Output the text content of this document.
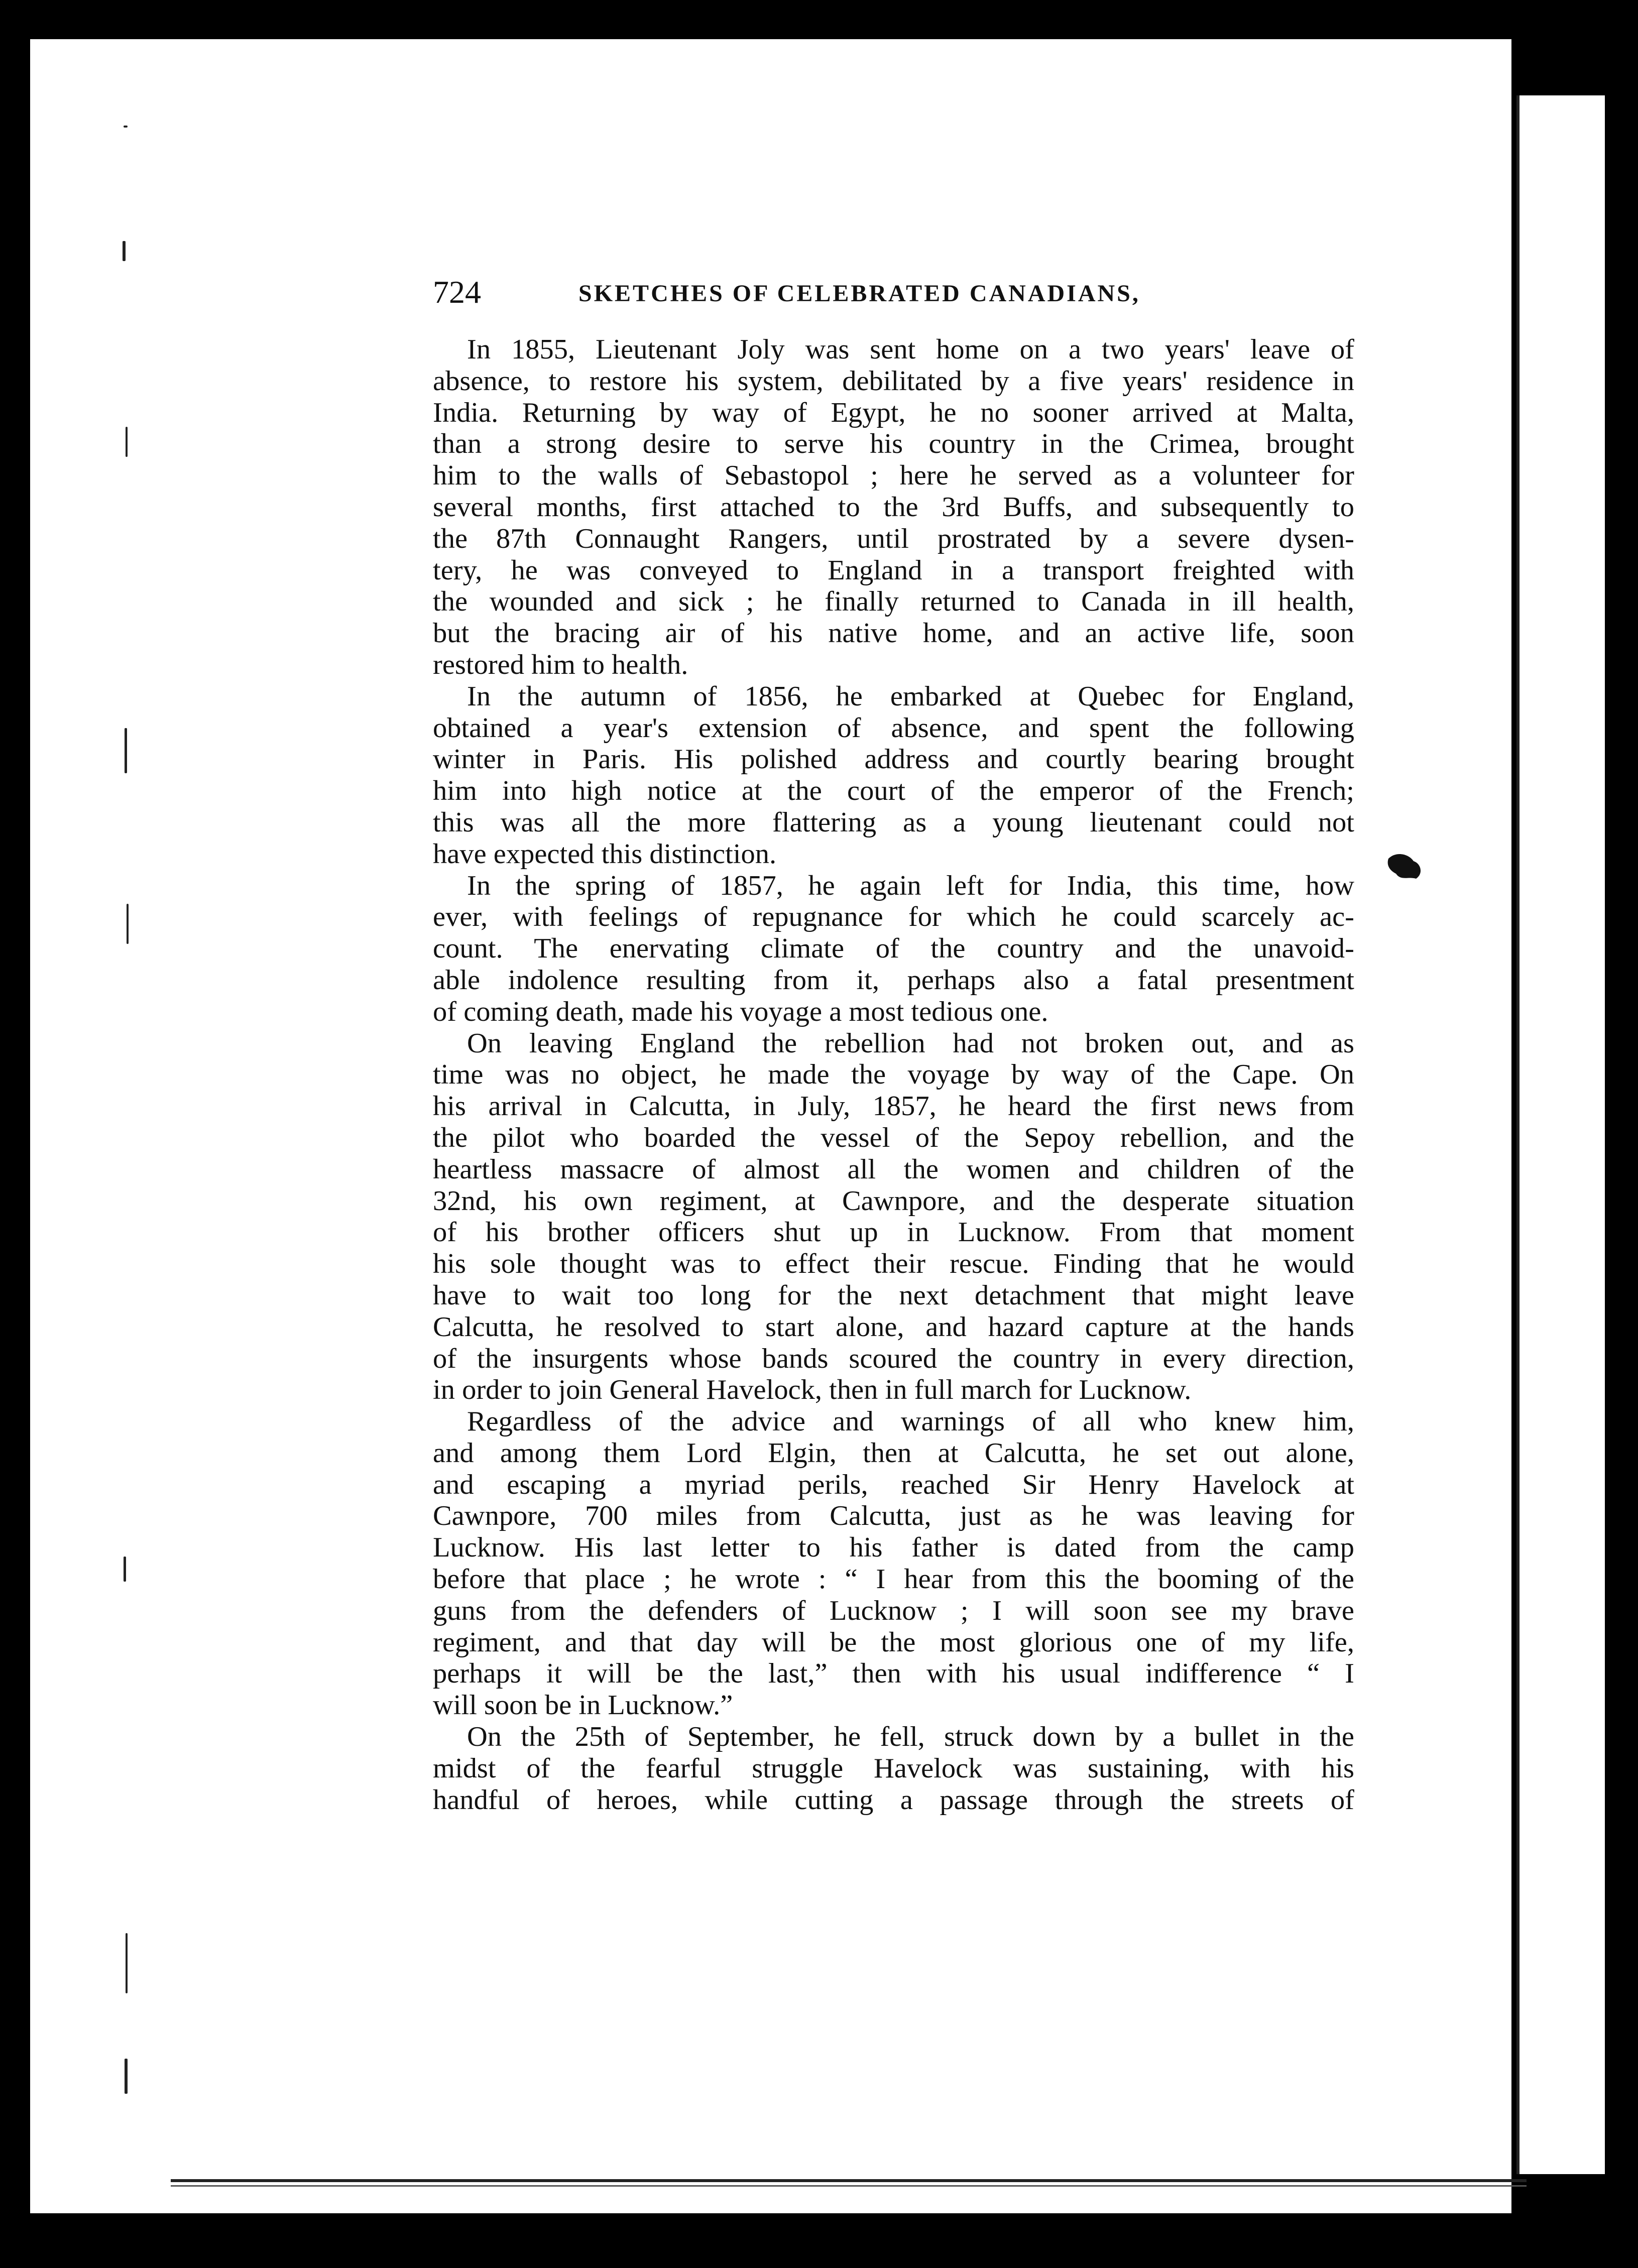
724	SKETCHES OF CELEBRATED CANADIANS,
In 1855, Lieutenant Joly was sent home on a two years' leave of
absence, to restore his system, debilitated by a five years' residence in
India. Returning by way of Egypt, he no sooner arrived at Malta,
than a strong desire to serve his country in the Crimea, brought
him to the walls of Sebastopol ; here he served as a volunteer for
several months, first attached to the 3rd Buffs, and subsequently to
the 87th Connaught Rangers, until prostrated by a severe dysen-
tery, he was conveyed to England in a transport freighted with
the wounded and sick ; he finally returned to Canada in ill health,
but the bracing air of his native home, and an active life, soon
restored him to health.
In the autumn of 1856, he embarked at Quebec for England,
obtained a year's extension of absence, and spent the following
winter in Paris. His polished address and courtly bearing brought
him into high notice at the court of the emperor of the French;
this was all the more flattering as a young lieutenant could not
have expected this distinction.
In the spring of 1857, he again left for India, this time, how
ever, with feelings of repugnance for which he could scarcely ac-
count. The enervating climate of the country and the unavoid-
able indolence resulting from it, perhaps also a fatal presentment
of coming death, made his voyage a most tedious one.
On leaving England the rebellion had not broken out, and as
time was no object, he made the voyage by way of the Cape. On
his arrival in Calcutta, in July, 1857, he heard the first news from
the pilot who boarded the vessel of the Sepoy rebellion, and the
heartless massacre of almost all the women and children of the
32nd, his own regiment, at Cawnpore, and the desperate situation
of his brother officers shut up in Lucknow. From that moment
his sole thought was to effect their rescue. Finding that he would
have to wait too long for the next detachment that might leave
Calcutta, he resolved to start alone, and hazard capture at the hands
of the insurgents whose bands scoured the country in every direction,
in order to join General Havelock, then in full march for Lucknow.
Regardless of the advice and warnings of all who knew him,
and among them Lord Elgin, then at Calcutta, he set out alone,
and escaping a myriad perils, reached Sir Henry Havelock at
Cawnpore, 700 miles from Calcutta, just as he was leaving for
Lucknow. His last letter to his father is dated from the camp
before that place ; he wrote : “ I hear from this the booming of the
guns from the defenders of Lucknow ; I will soon see my brave
regiment, and that day will be the most glorious one of my life,
perhaps it will be the last,” then with his usual indifference “ I
will soon be in Lucknow.”
On the 25th of September, he fell, struck down by a bullet in the
midst of the fearful struggle Havelock was sustaining, with his
handful of heroes, while cutting a passage through the streets of
